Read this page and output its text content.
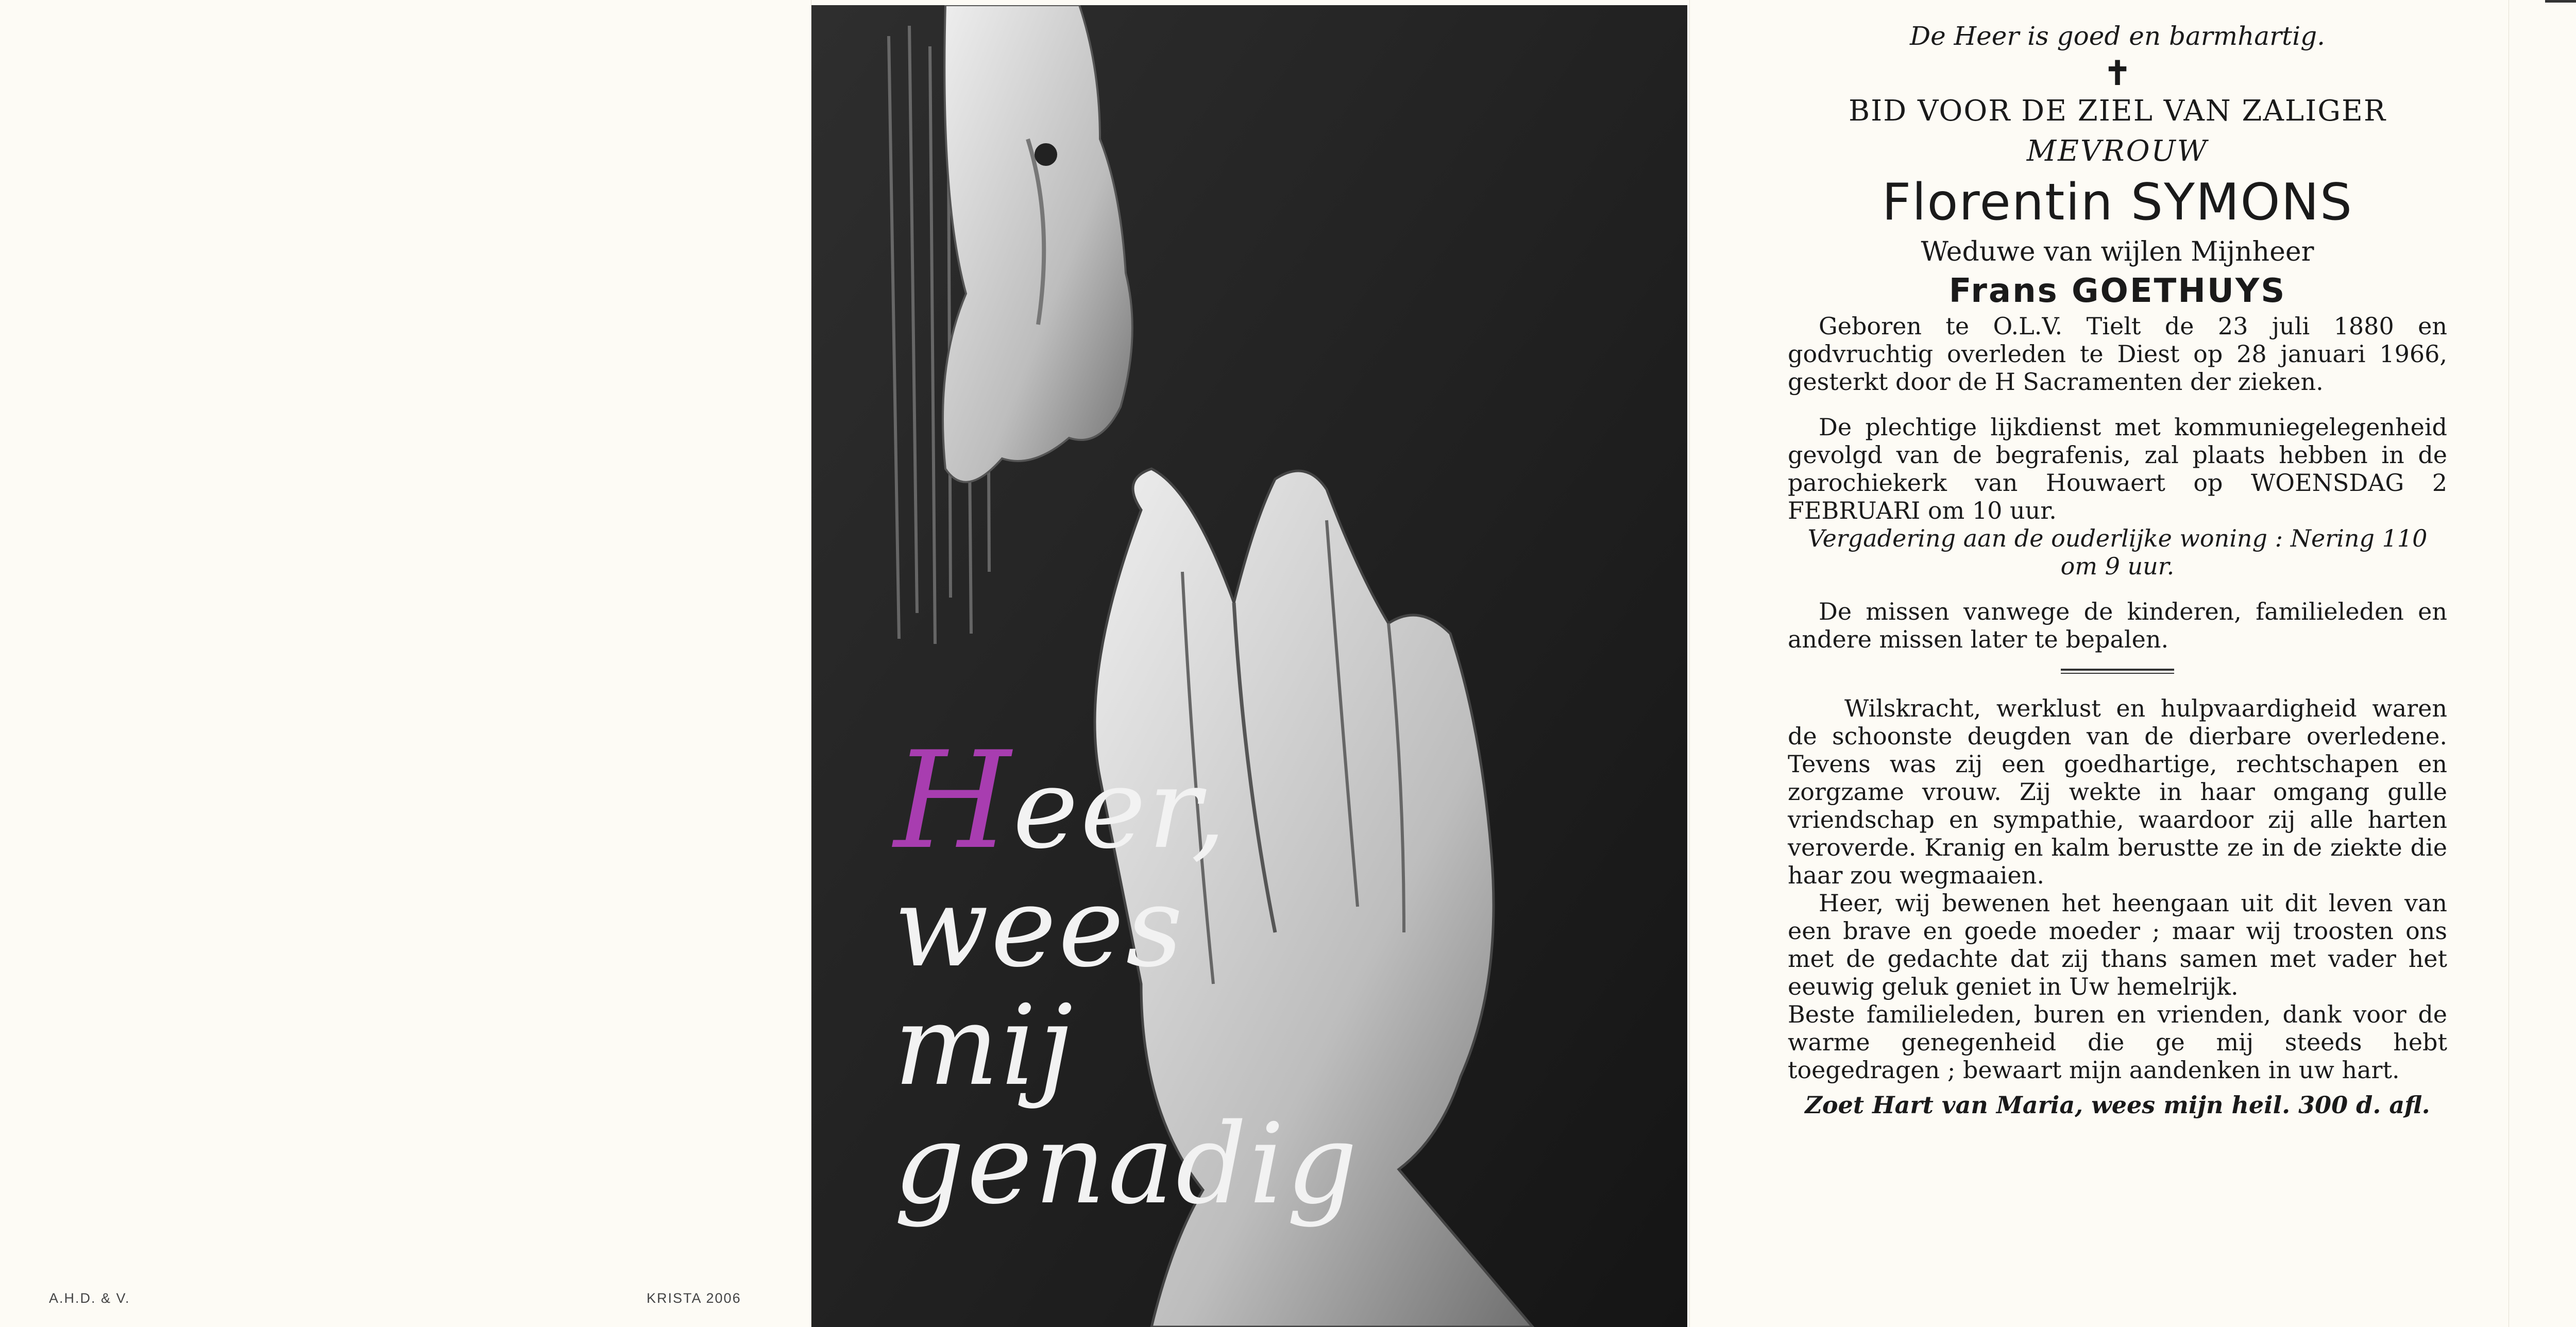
A.H.D. & V.	KRISTA 2006
Heer,
wees
mij
genadig

De Heer is goed en barmhartig.

✝

BID VOOR DE ZIEL VAN ZALIGER

MEVROUW

Florentin SYMONS

Weduwe van wijlen Mijnheer

Frans GOETHUYS

Geboren te O.L.V. Tielt de 23 juli 1880 en godvruchtig overleden te Diest op 28 januari 1966, gesterkt door de H Sacramenten der zieken.

De plechtige lijkdienst met kommuniegelegenheid gevolgd van de begrafenis, zal plaats hebben in de parochiekerk van Houwaert op WOENSDAG 2 FEBRUARI om 10 uur.

Vergadering aan de ouderlijke woning : Nering 110 om 9 uur.

De missen vanwege de kinderen, familieleden en andere missen later te bepalen.

Wilskracht, werklust en hulpvaardigheid waren de schoonste deugden van de dierbare overledene. Tevens was zij een goedhartige, rechtschapen en zorgzame vrouw. Zij wekte in haar omgang gulle vriendschap en sympathie, waardoor zij alle harten veroverde. Kranig en kalm berustte ze in de ziekte die haar zou wegmaaien.

Heer, wij bewenen het heengaan uit dit leven van een brave en goede moeder ; maar wij troosten ons met de gedachte dat zij thans samen met vader het eeuwig geluk geniet in Uw hemelrijk.

Beste familieleden, buren en vrienden, dank voor de warme genegenheid die ge mij steeds hebt toegedragen ; bewaart mijn aandenken in uw hart.

Zoet Hart van Maria, wees mijn heil. 300 d. afl.
